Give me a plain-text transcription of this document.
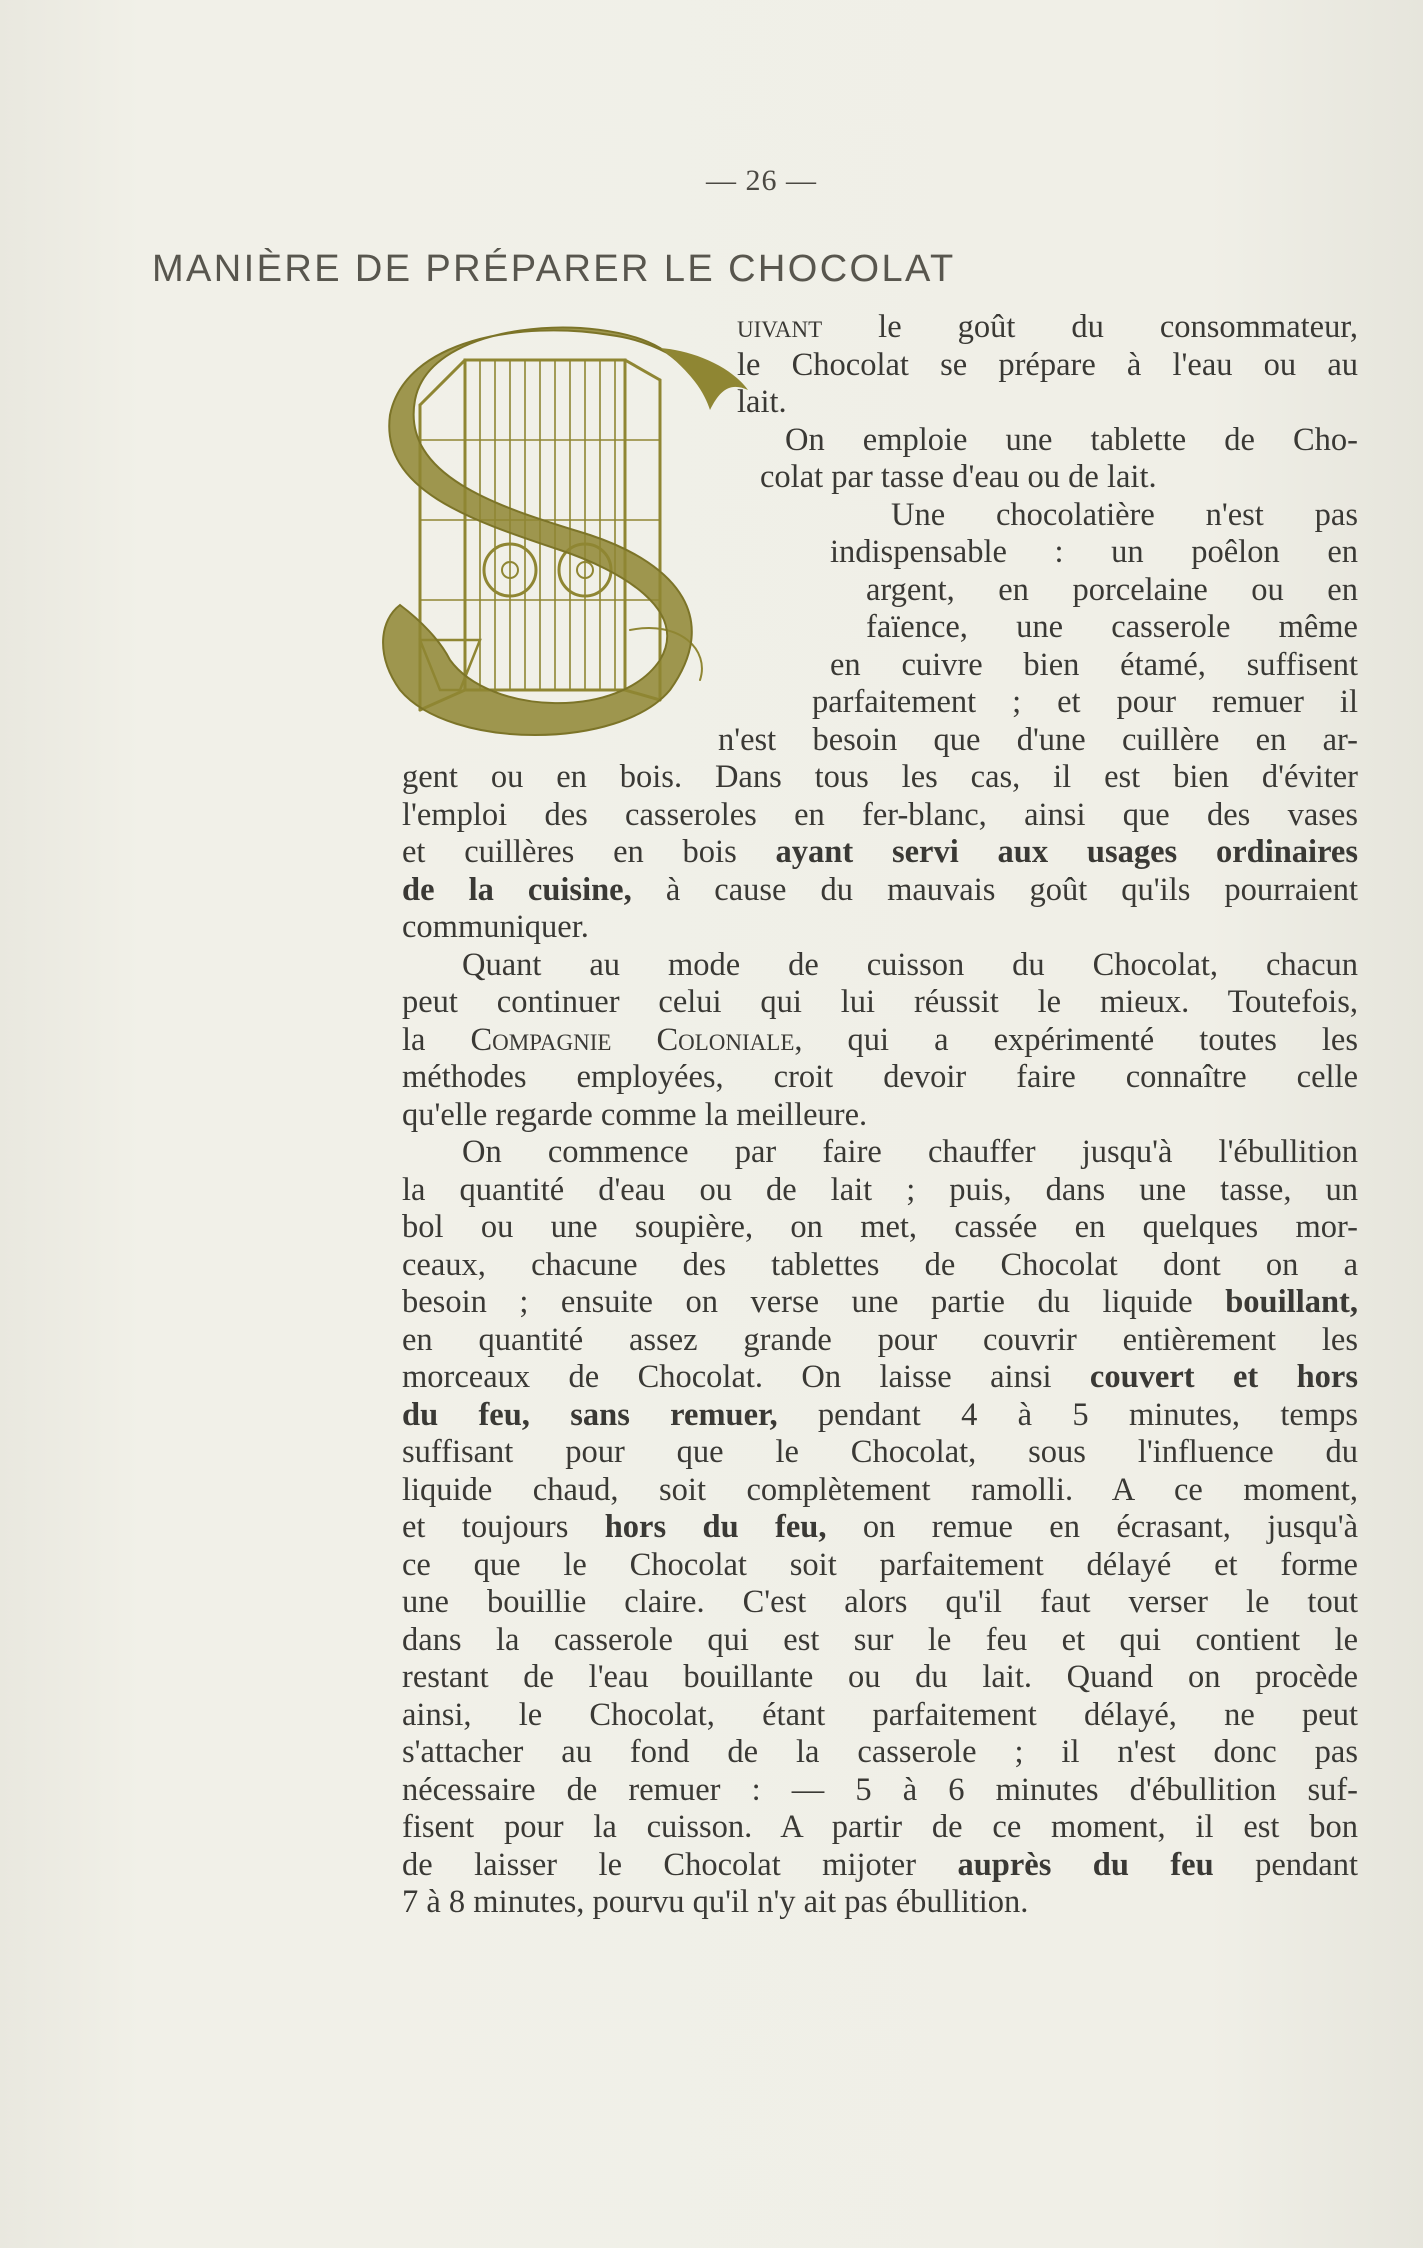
— 26 —
MANIÈRE DE PRÉPARER LE CHOCOLAT
uivant le goût du consommateur,
le Chocolat se prépare à l'eau ou au
lait.
On emploie une tablette de Cho-
colat par tasse d'eau ou de lait.
Une chocolatière n'est pas
indispensable : un poêlon en
argent, en porcelaine ou en
faïence, une casserole même
en cuivre bien étamé, suffisent
parfaitement ; et pour remuer il
n'est besoin que d'une cuillère en ar-
gent ou en bois. Dans tous les cas, il est bien d'éviter
l'emploi des casseroles en fer-blanc, ainsi que des vases
et cuillères en bois ayant servi aux usages ordinaires
de la cuisine, à cause du mauvais goût qu'ils pourraient
communiquer.
Quant au mode de cuisson du Chocolat, chacun
peut continuer celui qui lui réussit le mieux. Toutefois,
la Compagnie Coloniale, qui a expérimenté toutes les
méthodes employées, croit devoir faire connaître celle
qu'elle regarde comme la meilleure.
On commence par faire chauffer jusqu'à l'ébullition
la quantité d'eau ou de lait ; puis, dans une tasse, un
bol ou une soupière, on met, cassée en quelques mor-
ceaux, chacune des tablettes de Chocolat dont on a
besoin ; ensuite on verse une partie du liquide bouillant,
en quantité assez grande pour couvrir entièrement les
morceaux de Chocolat. On laisse ainsi couvert et hors
du feu, sans remuer, pendant 4 à 5 minutes, temps
suffisant pour que le Chocolat, sous l'influence du
liquide chaud, soit complètement ramolli. A ce moment,
et toujours hors du feu, on remue en écrasant, jusqu'à
ce que le Chocolat soit parfaitement délayé et forme
une bouillie claire. C'est alors qu'il faut verser le tout
dans la casserole qui est sur le feu et qui contient le
restant de l'eau bouillante ou du lait. Quand on procède
ainsi, le Chocolat, étant parfaitement délayé, ne peut
s'attacher au fond de la casserole ; il n'est donc pas
nécessaire de remuer : — 5 à 6 minutes d'ébullition suf-
fisent pour la cuisson. A partir de ce moment, il est bon
de laisser le Chocolat mijoter auprès du feu pendant
7 à 8 minutes, pourvu qu'il n'y ait pas ébullition.
